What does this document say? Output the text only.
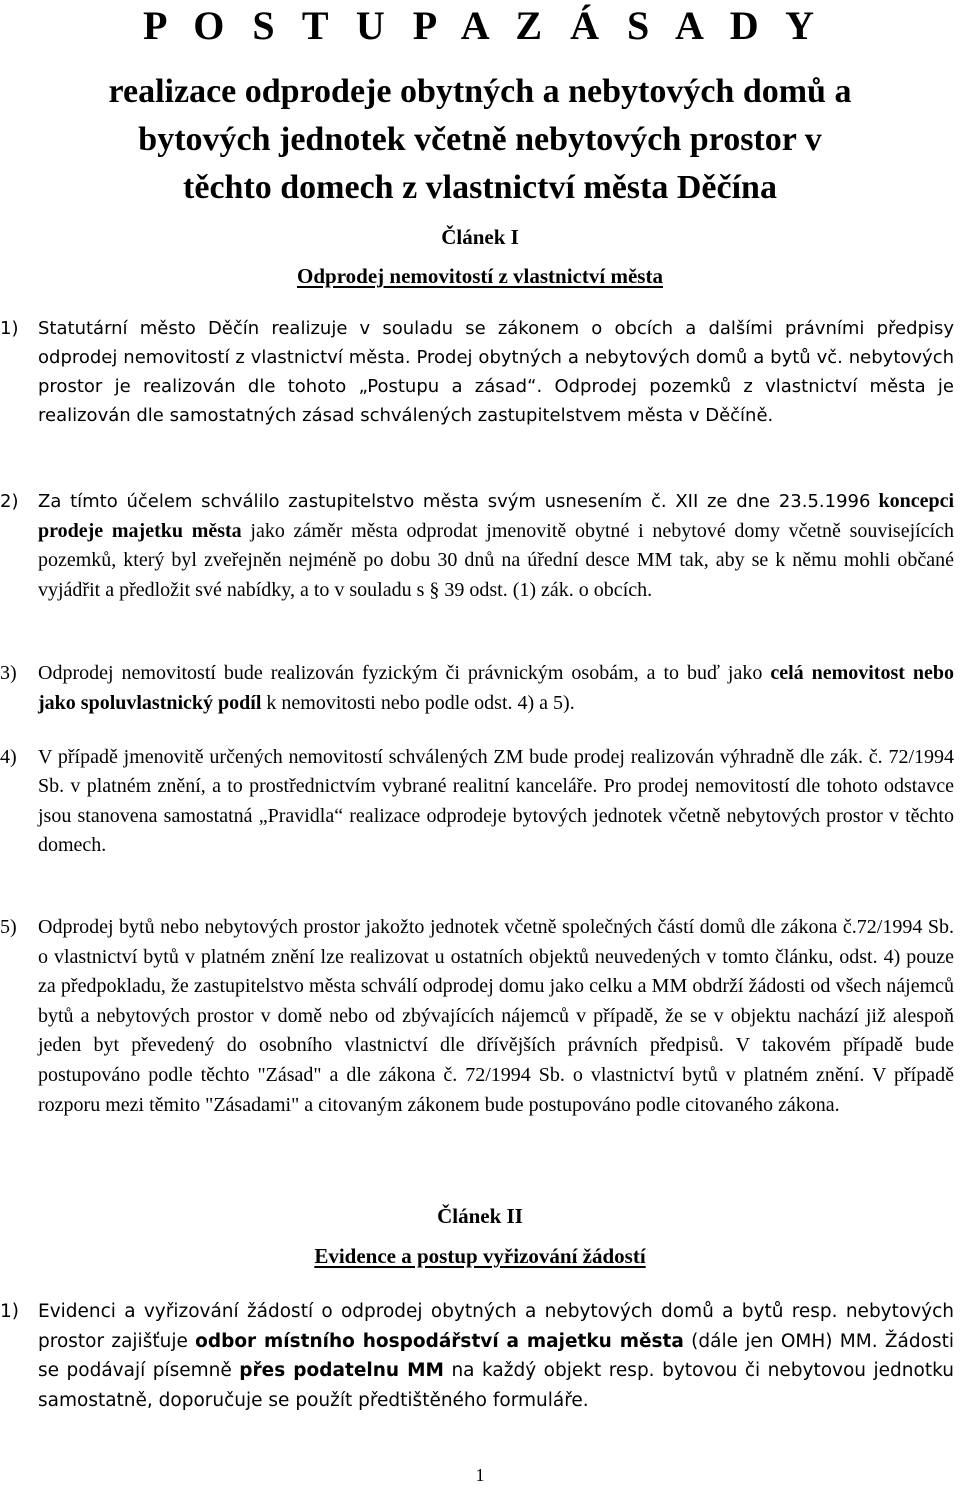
P O S T U P A Z Á S A D Y
realizace odprodeje obytných a nebytových domů a
bytových jednotek včetně nebytových prostor v
těchto domech z vlastnictví města Děčína
Článek I
Odprodej nemovitostí z vlastnictví města
1) Statutární město Děčín realizuje v souladu se zákonem o obcích a dalšími právními předpisy odprodej nemovitostí z vlastnictví města. Prodej obytných a nebytových domů a bytů vč. nebytových prostor je realizován dle tohoto „Postupu a zásad“. Odprodej pozemků z vlastnictví města je realizován dle samostatných zásad schválených zastupitelstvem města v Děčíně.
2) Za tímto účelem schválilo zastupitelstvo města svým usnesením č. XII ze dne 23.5.1996 koncepci prodeje majetku města jako záměr města odprodat jmenovitě obytné i nebytové domy včetně souvisejících pozemků, který byl zveřejněn nejméně po dobu 30 dnů na úřední desce MM tak, aby se k němu mohli občané vyjádřit a předložit své nabídky, a to v souladu s § 39 odst. (1) zák. o obcích.
3) Odprodej nemovitostí bude realizován fyzickým či právnickým osobám, a to buď jako celá nemovitost nebo jako spoluvlastnický podíl k nemovitosti nebo podle odst. 4) a 5).
4) V případě jmenovitě určených nemovitostí schválených ZM bude prodej realizován výhradně dle zák. č. 72/1994 Sb. v platném znění, a to prostřednictvím vybrané realitní kanceláře. Pro prodej nemovitostí dle tohoto odstavce jsou stanovena samostatná „Pravidla“ realizace odprodeje bytových jednotek včetně nebytových prostor v těchto domech.
5) Odprodej bytů nebo nebytových prostor jakožto jednotek včetně společných částí domů dle zákona č.72/1994 Sb. o vlastnictví bytů v platném znění lze realizovat u ostatních objektů neuvedených v tomto článku, odst. 4) pouze za předpokladu, že zastupitelstvo města schválí odprodej domu jako celku a MM obdrží žádosti od všech nájemců bytů a nebytových prostor v domě nebo od zbývajících nájemců v případě, že se v objektu nachází již alespoň jeden byt převedený do osobního vlastnictví dle dřívějších právních předpisů. V takovém případě bude postupováno podle těchto "Zásad" a dle zákona č. 72/1994 Sb. o vlastnictví bytů v platném znění. V případě rozporu mezi těmito "Zásadami" a citovaným zákonem bude postupováno podle citovaného zákona.
Článek II
Evidence a postup vyřizování žádostí
1) Evidenci a vyřizování žádostí o odprodej obytných a nebytových domů a bytů resp. nebytových prostor zajišťuje odbor místního hospodářství a majetku města (dále jen OMH) MM. Žádosti se podávají písemně přes podatelnu MM na každý objekt resp. bytovou či nebytovou jednotku samostatně, doporučuje se použít předtištěného formuláře.
1
